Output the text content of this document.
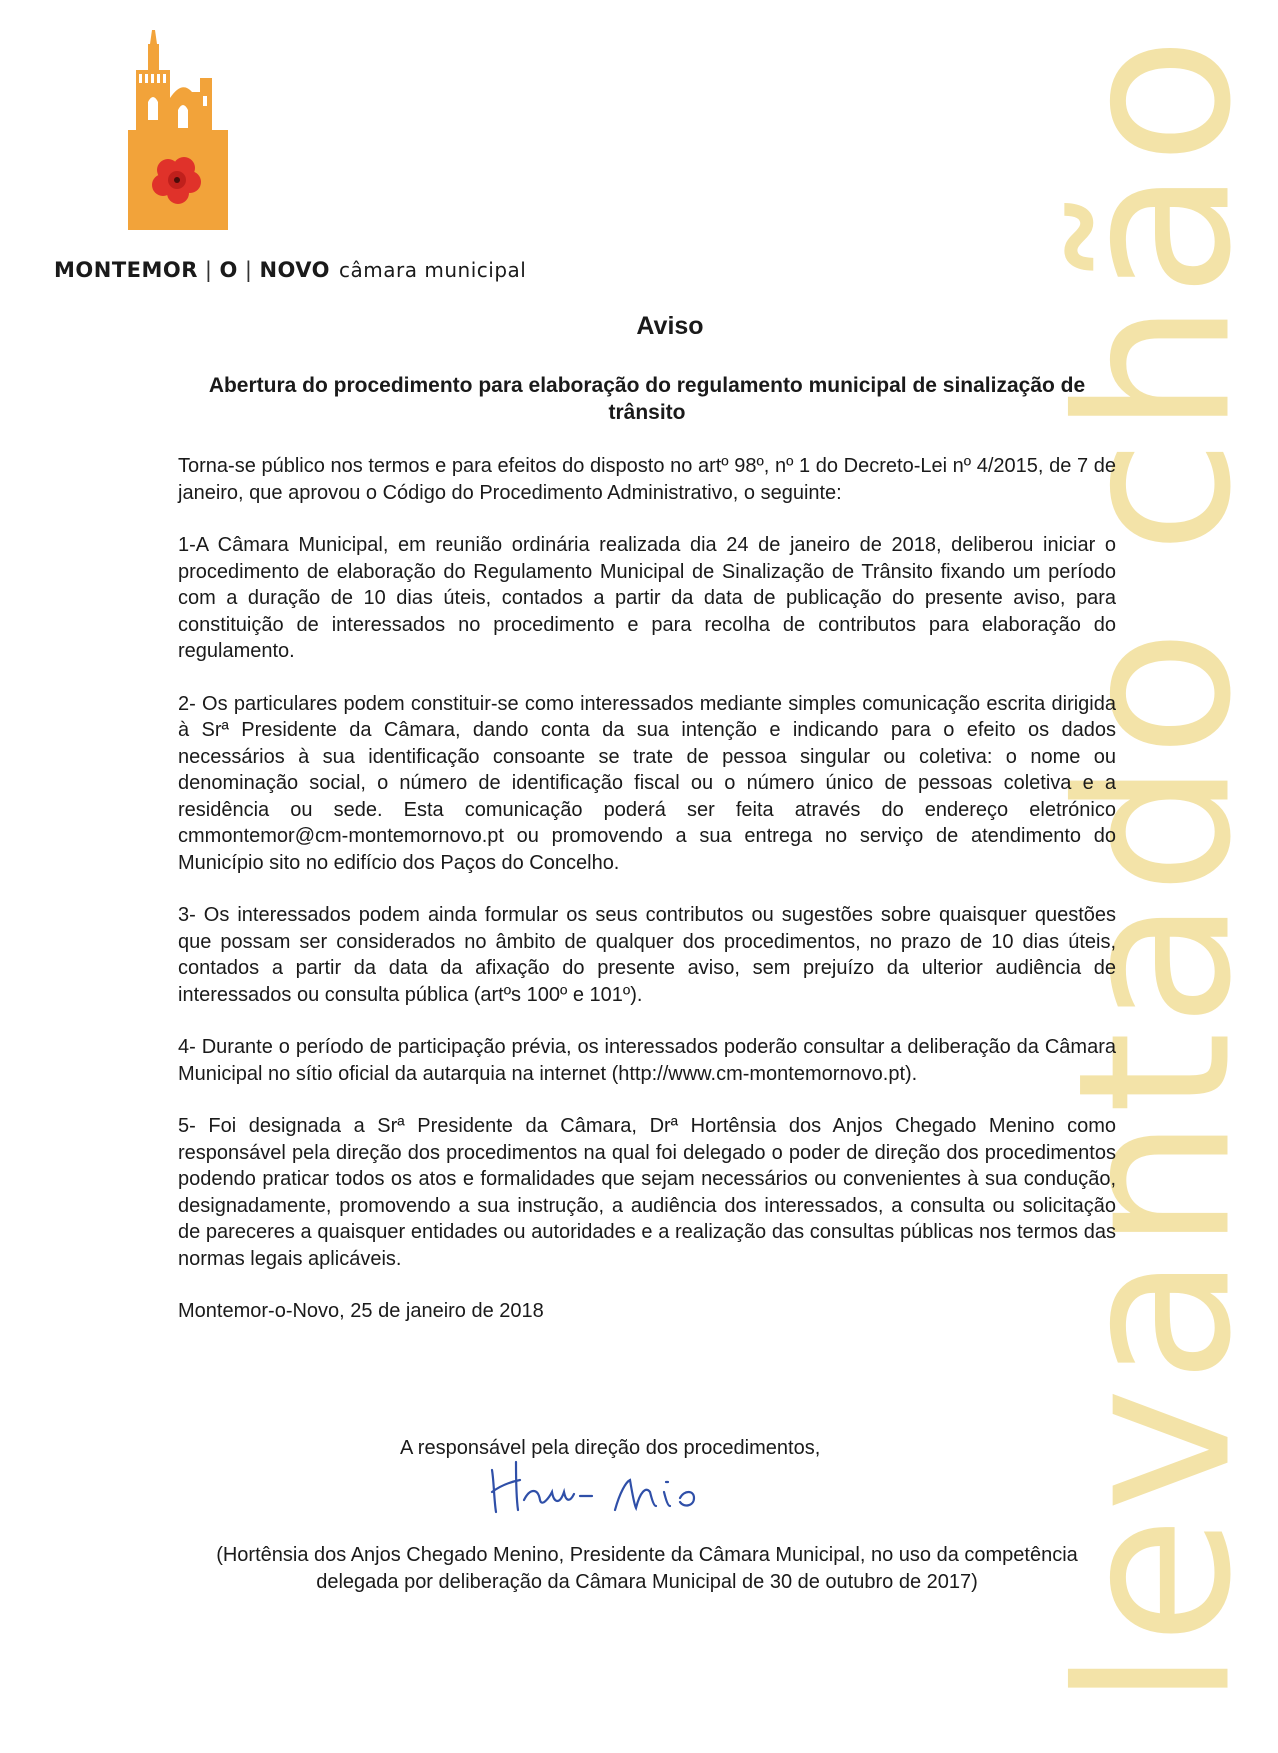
levantado chão
MONTEMOR | O | NOVO câmara municipal
Aviso
Abertura do procedimento para elaboração do regulamento municipal de sinalização de trânsito

Torna-se público nos termos e para efeitos do disposto no artº 98º, nº 1 do Decreto-Lei nº 4/2015, de 7 de janeiro, que aprovou o Código do Procedimento Administrativo, o seguinte:

1-A Câmara Municipal, em reunião ordinária realizada dia 24 de janeiro de 2018, deliberou iniciar o procedimento de elaboração do Regulamento Municipal de Sinalização de Trânsito fixando um período com a duração de 10 dias úteis, contados a partir da data de publicação do presente aviso, para constituição de interessados no procedimento e para recolha de contributos para elaboração do regulamento.

2- Os particulares podem constituir-se como interessados mediante simples comunicação escrita dirigida à Srª Presidente da Câmara, dando conta da sua intenção e indicando para o efeito os dados necessários à sua identificação consoante se trate de pessoa singular ou coletiva: o nome ou denominação social, o número de identificação fiscal ou o número único de pessoas coletiva e a residência ou sede. Esta comunicação poderá ser feita através do endereço eletrónico cmmontemor@cm-montemornovo.pt ou promovendo a sua entrega no serviço de atendimento do Município sito no edifício dos Paços do Concelho.

3- Os interessados podem ainda formular os seus contributos ou sugestões sobre quaisquer questões que possam ser considerados no âmbito de qualquer dos procedimentos, no prazo de 10 dias úteis, contados a partir da data da afixação do presente aviso, sem prejuízo da ulterior audiência de interessados ou consulta pública (artºs 100º e 101º).

4- Durante o período de participação prévia, os interessados poderão consultar a deliberação da Câmara Municipal no sítio oficial da autarquia na internet (http://www.cm-montemornovo.pt).

5- Foi designada a Srª Presidente da Câmara, Drª Hortênsia dos Anjos Chegado Menino como responsável pela direção dos procedimentos na qual foi delegado o poder de direção dos procedimentos podendo praticar todos os atos e formalidades que sejam necessários ou convenientes à sua condução, designadamente, promovendo a sua instrução, a audiência dos interessados, a consulta ou solicitação de pareceres a quaisquer entidades ou autoridades e a realização das consultas públicas nos termos das normas legais aplicáveis.

Montemor-o-Novo, 25 de janeiro de 2018

A responsável pela direção dos procedimentos,
(Hortênsia dos Anjos Chegado Menino, Presidente da Câmara Municipal, no uso da competência delegada por deliberação da Câmara Municipal de 30 de outubro de 2017)
